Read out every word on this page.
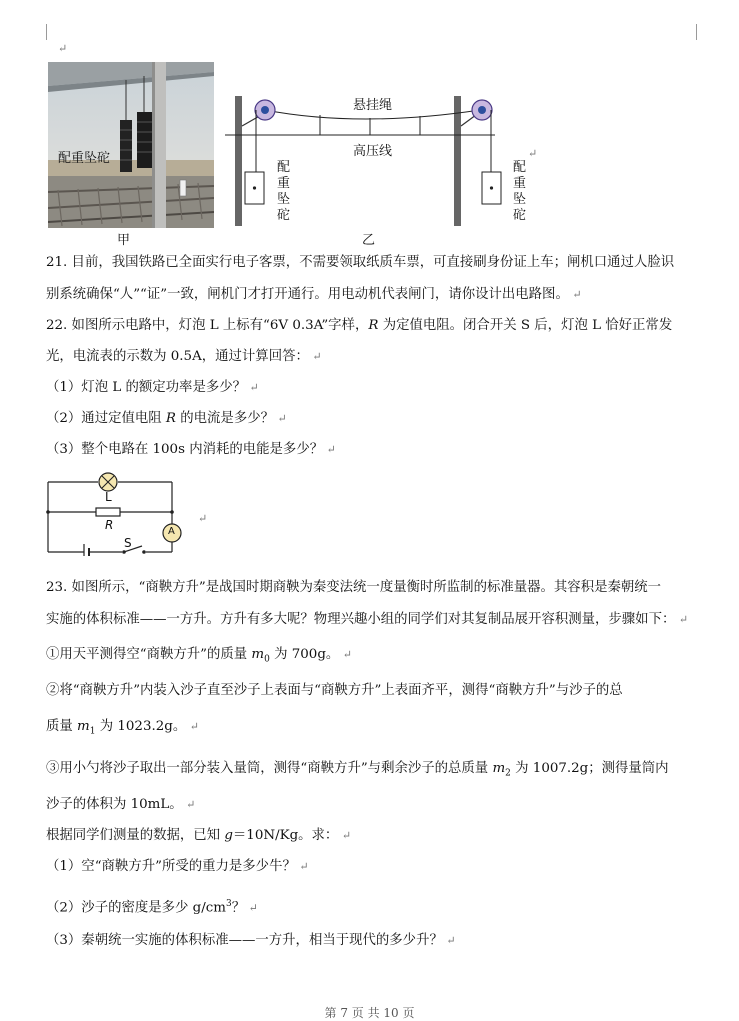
↵
配重坠砣
甲
悬挂绳
高压线
配重坠砣
配重坠砣
↵
乙
21. 目前，我国铁路已全面实行电子客票，不需要领取纸质车票，可直接刷身份证上车；闸机口通过人脸识
别系统确保“人”“证”一致，闸机门才打开通行。用电动机代表闸门，请你设计出电路图。 ↵
22. 如图所示电路中，灯泡 L 上标有“6V 0.3A”字样，R 为定值电阻。闭合开关 S 后，灯泡 L 恰好正常发
光，电流表的示数为 0.5A，通过计算回答： ↵
（1）灯泡 L 的额定功率是多少？ ↵
（2）通过定值电阻 R 的电流是多少？ ↵
（3）整个电路在 100s 内消耗的电能是多少？ ↵
L
R	A
S
↵
23. 如图所示，“商鞅方升”是战国时期商鞅为秦变法统一度量衡时所监制的标准量器。其容积是秦朝统一
实施的体积标准——一方升。方升有多大呢？物理兴趣小组的同学们对其复制品展开容积测量，步骤如下： ↵
①用天平测得空“商鞅方升”的质量 $m_0$ 为 700g。 ↵
②将“商鞅方升”内装入沙子直至沙子上表面与“商鞅方升”上表面齐平，测得“商鞅方升”与沙子的总
质量 $m_1$ 为 1023.2g。 ↵
③用小勺将沙子取出一部分装入量筒，测得“商鞅方升”与剩余沙子的总质量 $m_2$ 为 1007.2g；测得量筒内
沙子的体积为 10mL。 ↵
根据同学们测量的数据，已知 g＝10N/Kg。求： ↵
（1）空“商鞅方升”所受的重力是多少牛？ ↵
（2）沙子的密度是多少 $g/cm^3$？ ↵
（3）秦朝统一实施的体积标准——一方升，相当于现代的多少升？ ↵
第 7 页 共 10 页
